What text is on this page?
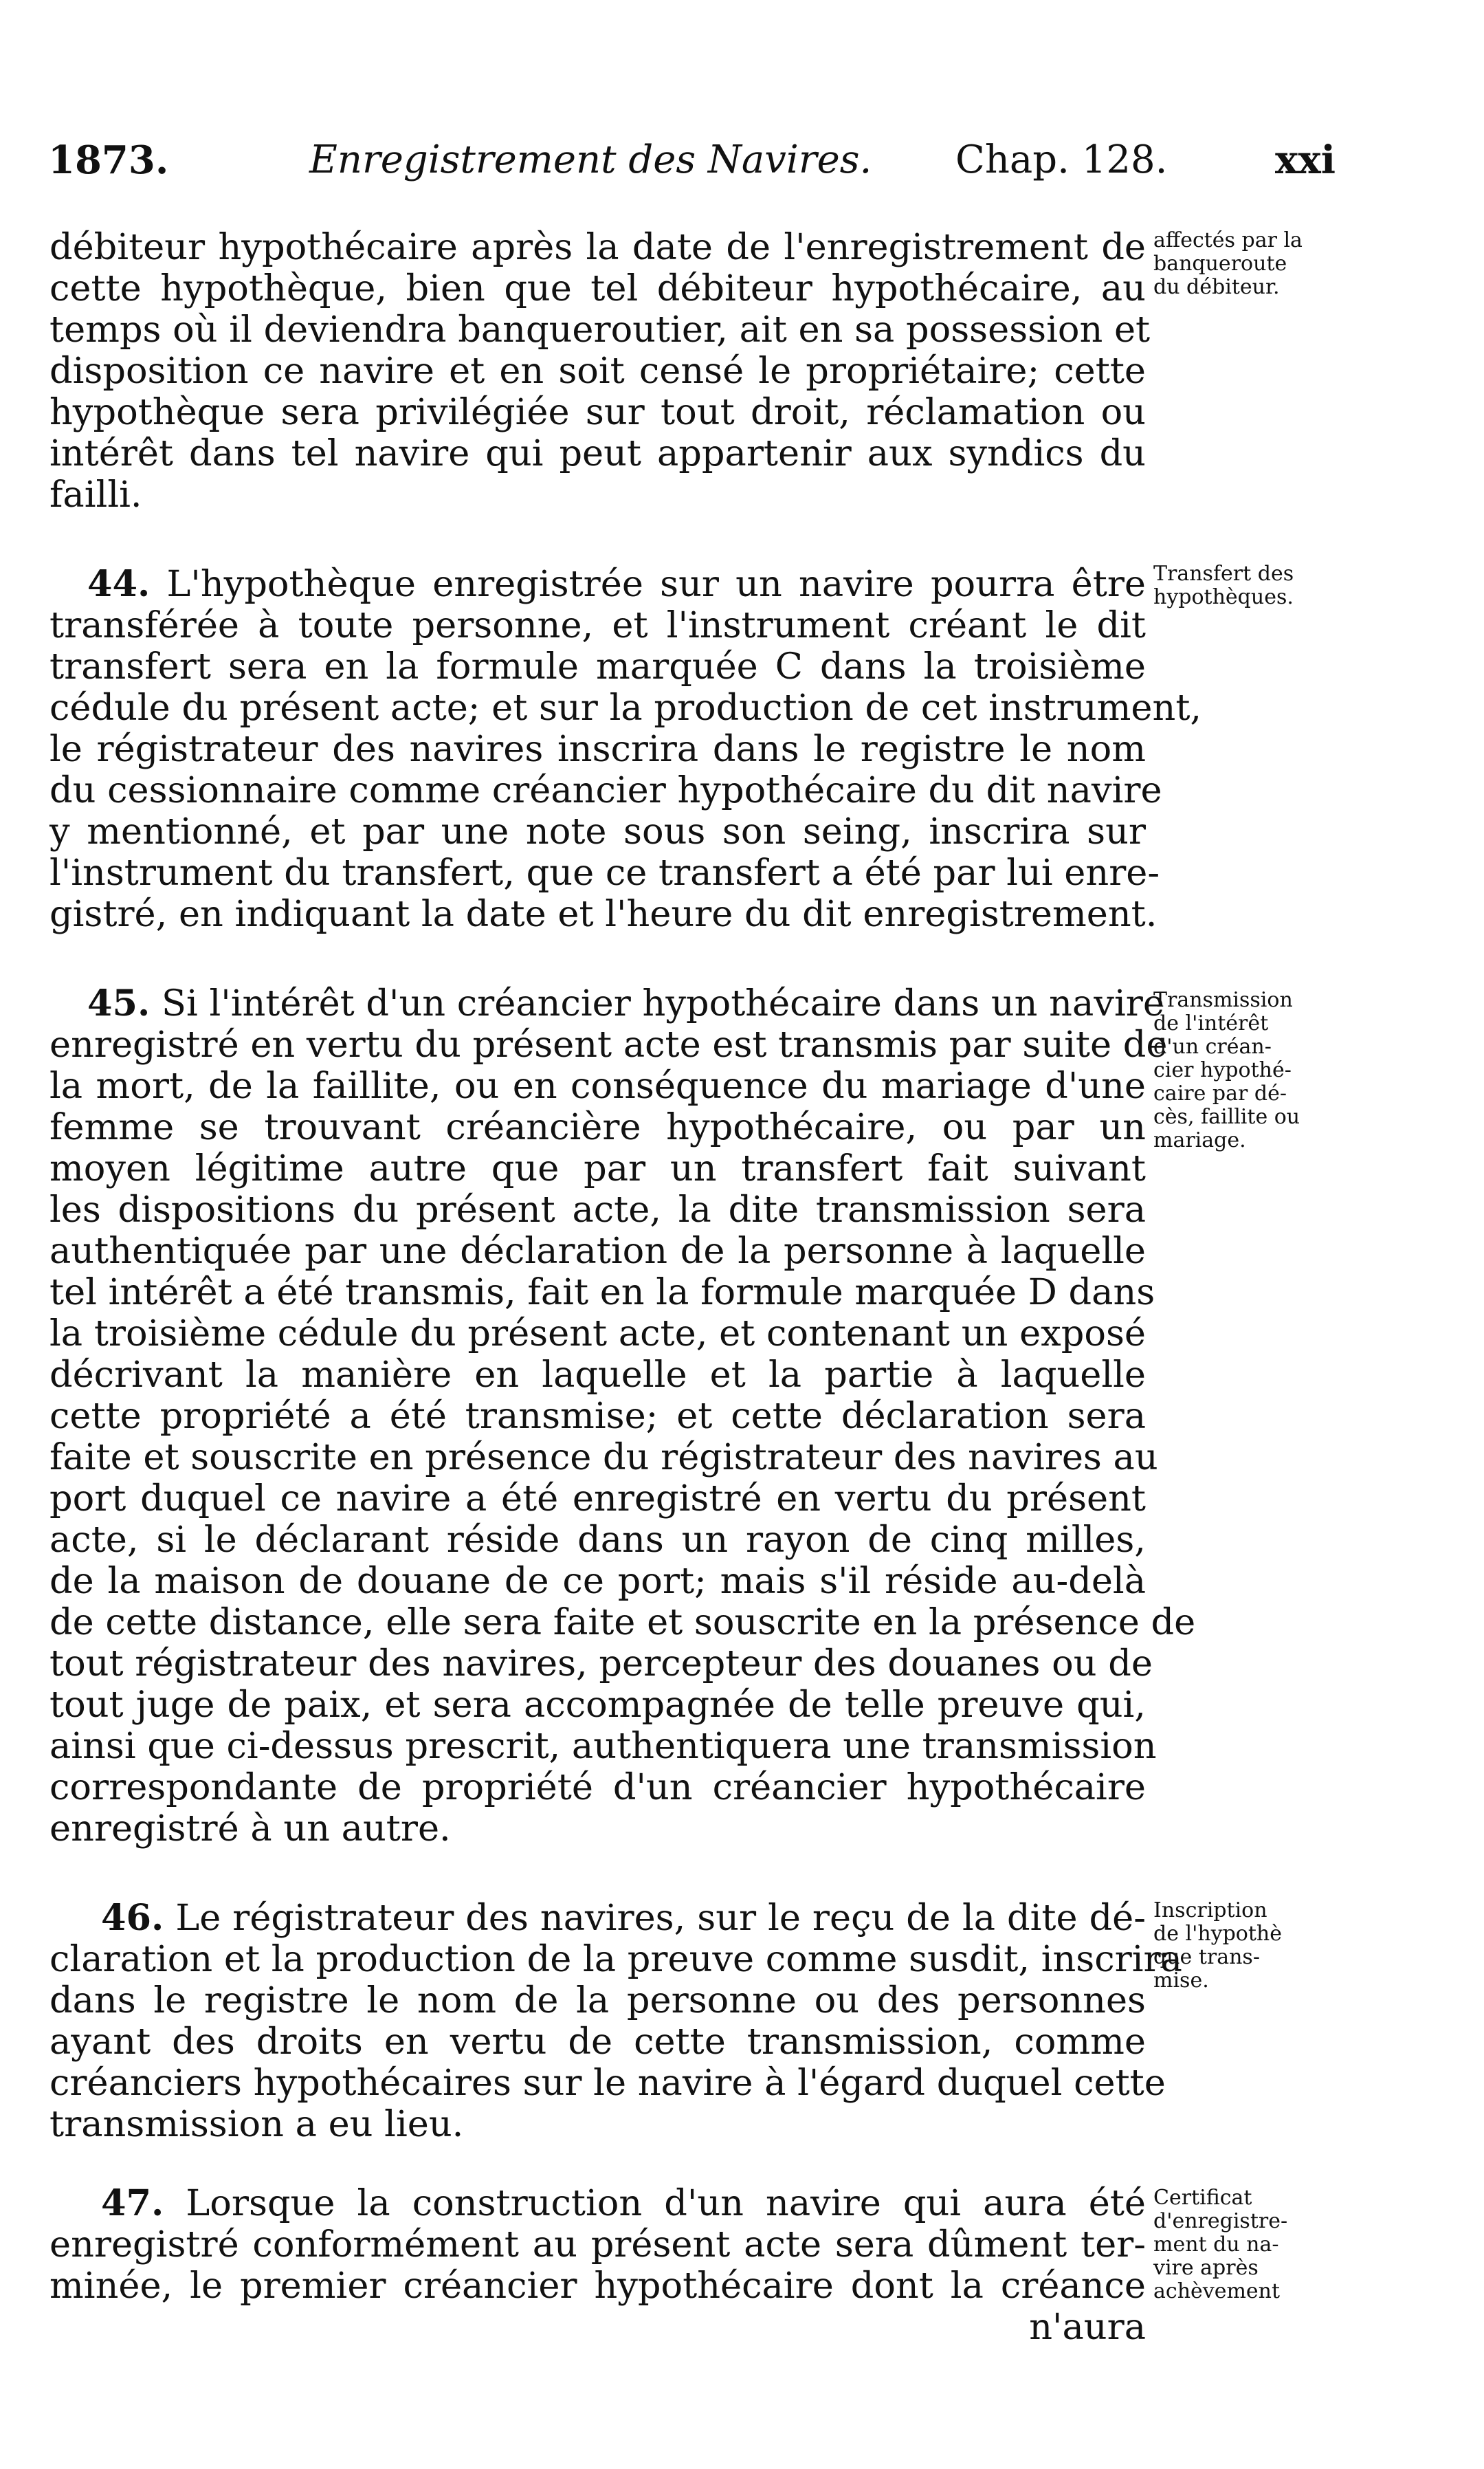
1873.	Enregistrement des Navires. Chap. 128.	xxi
débiteur hypothécaire après la date de l'enregistrement de
cette hypothèque, bien que tel débiteur hypothécaire, au
temps où il deviendra banqueroutier, ait en sa possession et
disposition ce navire et en soit censé le propriétaire; cette
hypothèque sera privilégiée sur tout droit, réclamation ou
intérêt dans tel navire qui peut appartenir aux syndics du
failli.
affectés par la
banqueroute
du débiteur.
44. L'hypothèque enregistrée sur un navire pourra être
transférée à toute personne, et l'instrument créant le dit
transfert sera en la formule marquée C dans la troisième
cédule du présent acte; et sur la production de cet instrument,
le régistrateur des navires inscrira dans le registre le nom
du cessionnaire comme créancier hypothécaire du dit navire
y mentionné, et par une note sous son seing, inscrira sur
l'instrument du transfert, que ce transfert a été par lui enre-
gistré, en indiquant la date et l'heure du dit enregistrement.
Transfert des
hypothèques.
45. Si l'intérêt d'un créancier hypothécaire dans un navire
enregistré en vertu du présent acte est transmis par suite de
la mort, de la faillite, ou en conséquence du mariage d'une
femme se trouvant créancière hypothécaire, ou par un
moyen légitime autre que par un transfert fait suivant
les dispositions du présent acte, la dite transmission sera
authentiquée par une déclaration de la personne à laquelle
tel intérêt a été transmis, fait en la formule marquée D dans
la troisième cédule du présent acte, et contenant un exposé
décrivant la manière en laquelle et la partie à laquelle
cette propriété a été transmise; et cette déclaration sera
faite et souscrite en présence du régistrateur des navires au
port duquel ce navire a été enregistré en vertu du présent
acte, si le déclarant réside dans un rayon de cinq milles,
de la maison de douane de ce port; mais s'il réside au-delà
de cette distance, elle sera faite et souscrite en la présence de
tout régistrateur des navires, percepteur des douanes ou de
tout juge de paix, et sera accompagnée de telle preuve qui,
ainsi que ci-dessus prescrit, authentiquera une transmission
correspondante de propriété d'un créancier hypothécaire
enregistré à un autre.
Transmission
de l'intérêt
d'un créan-
cier hypothé-
caire par dé-
cès, faillite ou
mariage.
46. Le régistrateur des navires, sur le reçu de la dite dé-
claration et la production de la preuve comme susdit, inscrira
dans le registre le nom de la personne ou des personnes
ayant des droits en vertu de cette transmission, comme
créanciers hypothécaires sur le navire à l'égard duquel cette
transmission a eu lieu.
Inscription
de l'hypothè
que trans-
mise.
47. Lorsque la construction d'un navire qui aura été
enregistré conformément au présent acte sera dûment ter-
minée, le premier créancier hypothécaire dont la créance
n'aura
Certificat
d'enregistre-
ment du na-
vire après
achèvement
